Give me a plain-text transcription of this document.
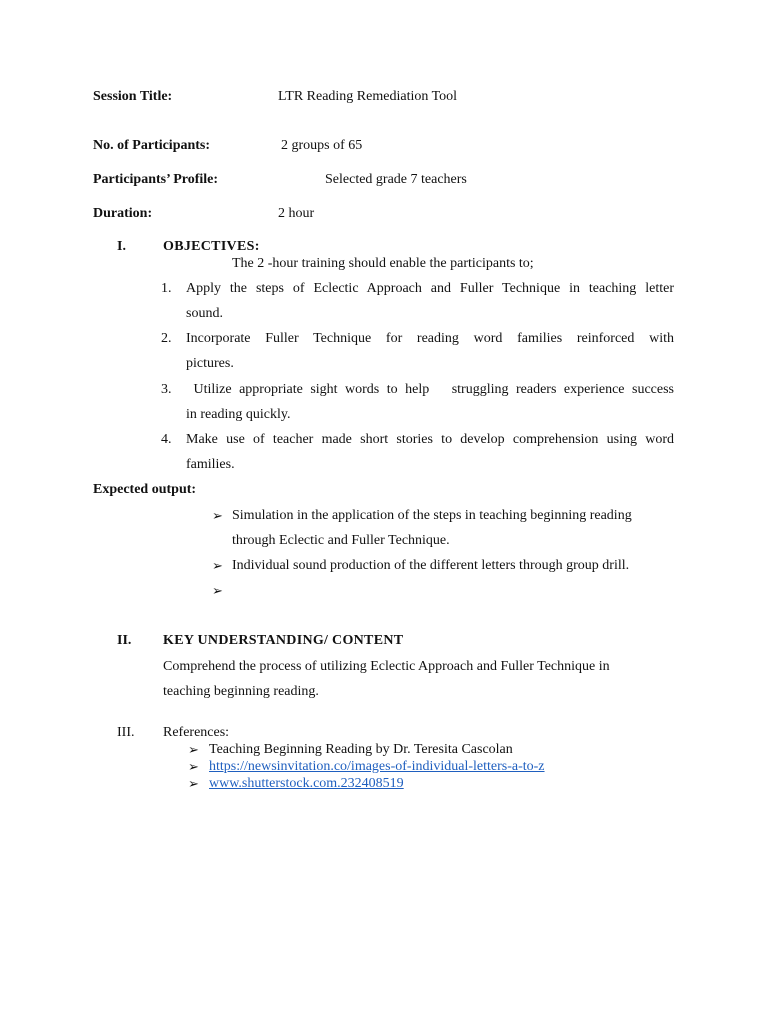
Session Title:	LTR Reading Remediation Tool
No. of Participants:	2 groups of 65
Participants’ Profile:	Selected grade 7 teachers
Duration:	2 hour
I.	OBJECTIVES:
The 2 -hour training should enable the participants to;
1. Apply the steps of Eclectic Approach and Fuller Technique in teaching letter
sound.
2. Incorporate Fuller Technique for reading word families reinforced with
pictures.
3. Utilize appropriate sight words to help   struggling readers experience success
in reading quickly.
4. Make use of teacher made short stories to develop comprehension using word
families.
Expected output:
➢ Simulation in the application of the steps in teaching beginning reading
through Eclectic and Fuller Technique.
➢ Individual sound production of the different letters through group drill.
➢
II. KEY UNDERSTANDING/ CONTENT
Comprehend the process of utilizing Eclectic Approach and Fuller Technique in
teaching beginning reading.
III. References:
➢ Teaching Beginning Reading by Dr. Teresita Cascolan
➢ https://newsinvitation.co/images-of-individual-letters-a-to-z
➢ www.shutterstock.com.232408519
